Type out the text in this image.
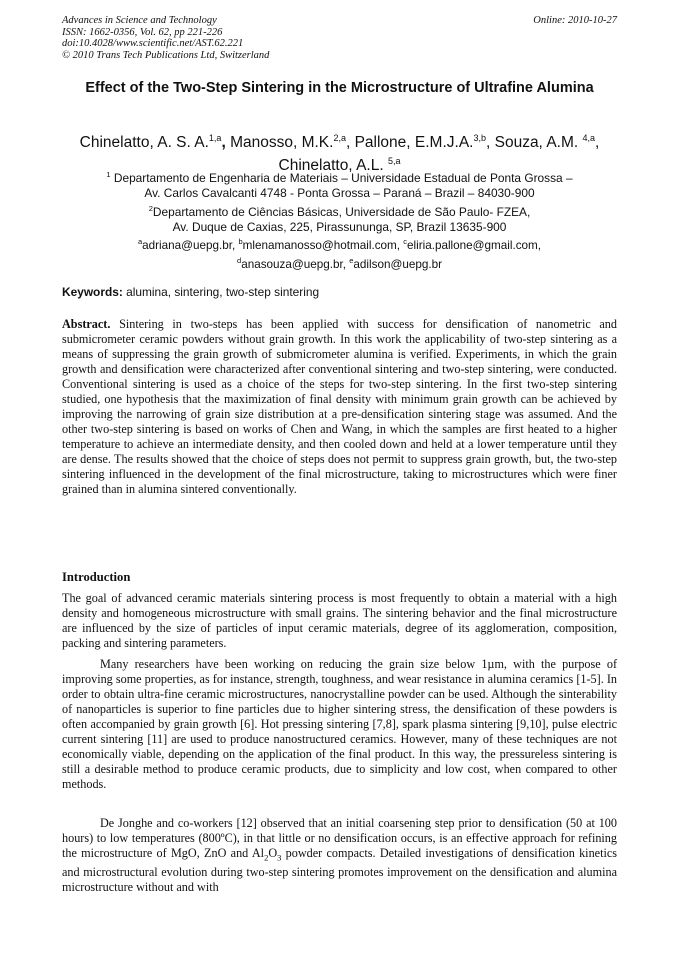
Advances in Science and Technology
ISSN: 1662-0356, Vol. 62, pp 221-226
doi:10.4028/www.scientific.net/AST.62.221
© 2010 Trans Tech Publications Ltd, Switzerland
Online: 2010-10-27
Effect of the Two-Step Sintering in the Microstructure of Ultrafine Alumina
Chinelatto, A. S. A.$^{1,a}$, Manosso, M.K.$^{2,a}$, Pallone, E.M.J.A.$^{3,b}$, Souza, A.M. $^{4,a}$, Chinelatto, A.L. $^{5,a}$
$^1$ Departamento de Engenharia de Materiais – Universidade Estadual de Ponta Grossa –
Av. Carlos Cavalcanti 4748 - Ponta Grossa – Paraná – Brazil – 84030-900
$^2$Departamento de Ciências Básicas, Universidade de São Paulo- FZEA,
Av. Duque de Caxias, 225, Pirassununga, SP, Brazil 13635-900
$^a$adriana@uepg.br, $^b$mlenamanosso@hotmail.com, $^c$eliria.pallone@gmail.com,
$^d$anasouza@uepg.br, $^e$adilson@uepg.br
Keywords: alumina, sintering, two-step sintering
Abstract. Sintering in two-steps has been applied with success for densification of nanometric and submicrometer ceramic powders without grain growth. In this work the applicability of two-step sintering as a means of suppressing the grain growth of submicrometer alumina is verified. Experiments, in which the grain growth and densification were characterized after conventional sintering and two-step sintering, were conducted. Conventional sintering is used as a choice of the steps for two-step sintering. In the first two-step sintering studied, one hypothesis that the maximization of final density with minimum grain growth can be achieved by improving the narrowing of grain size distribution at a pre-densification sintering stage was assumed. And the other two-step sintering is based on works of Chen and Wang, in which the samples are first heated to a higher temperature to achieve an intermediate density, and then cooled down and held at a lower temperature until they are dense. The results showed that the choice of steps does not permit to suppress grain growth, but, the two-step sintering influenced in the development of the final microstructure, taking to microstructures which were finer grained than in alumina sintered conventionally.
Introduction
The goal of advanced ceramic materials sintering process is most frequently to obtain a material with a high density and homogeneous microstructure with small grains. The sintering behavior and the final microstructure are influenced by the size of particles of input ceramic materials, degree of its agglomeration, composition, packing and sintering parameters.
Many researchers have been working on reducing the grain size below 1µm, with the purpose of improving some properties, as for instance, strength, toughness, and wear resistance in alumina ceramics [1-5]. In order to obtain ultra-fine ceramic microstructures, nanocrystalline powder can be used. Although the sinterability of nanoparticles is superior to fine particles due to higher sintering stress, the densification of these powders is often accompanied by grain growth [6]. Hot pressing sintering [7,8], spark plasma sintering [9,10], pulse electric current sintering [11] are used to produce nanostructured ceramics. However, many of these techniques are not economically viable, depending on the application of the final product. In this way, the pressureless sintering is still a desirable method to produce ceramic products, due to simplicity and low cost, when compared to other methods.
De Jonghe and co-workers [12] observed that an initial coarsening step prior to densification (50 at 100 hours) to low temperatures (800ºC), in that little or no densification occurs, is an effective approach for refining the microstructure of MgO, ZnO and $Al_2O_3$ powder compacts. Detailed investigations of densification kinetics and microstructural evolution during two-step sintering promotes improvement on the densification and alumina microstructure without and with
